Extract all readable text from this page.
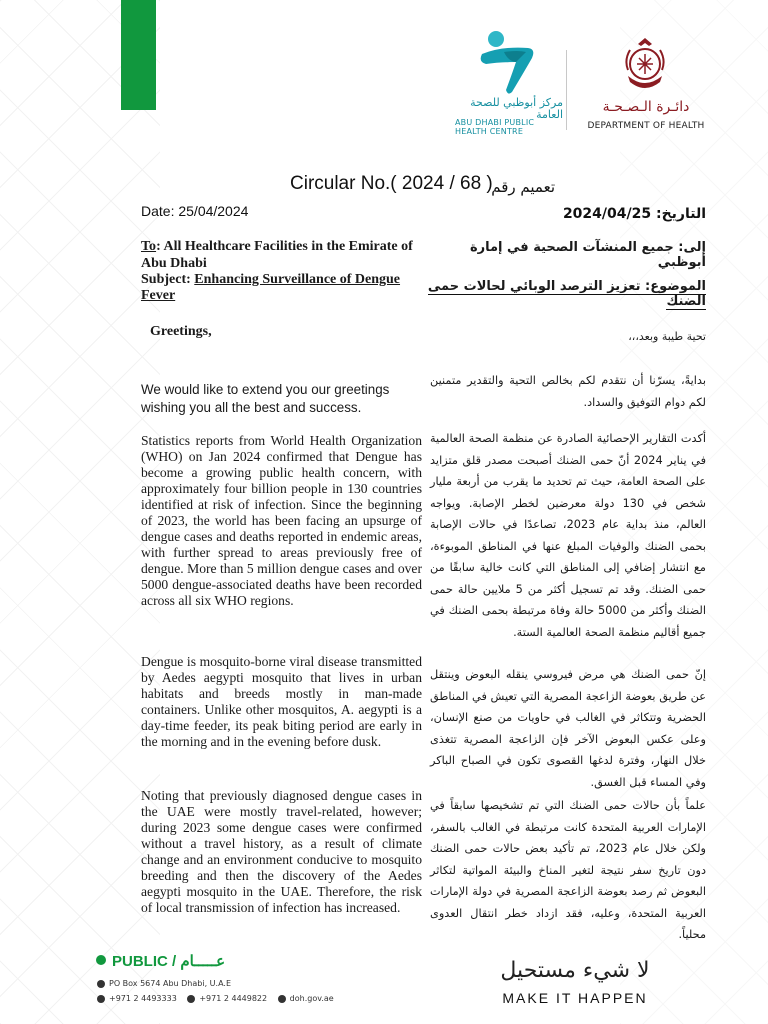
مركز أبوظبي للصحة العامة
ABU DHABI PUBLIC HEALTH CENTRE
دائـرة الـصـحـة
DEPARTMENT OF HEALTH
Circular No.( 2024 / 68 )
تعميم رقم
Date: 25/04/2024	التاريخ: 2024/04/25
To: All Healthcare Facilities in the Emirate of Abu Dhabi
Subject: Enhancing Surveillance of Dengue Fever
إلى: جميع المنشآت الصحية في إمارة أبوظبي
الموضوع: تعزيز الترصد الوبائي لحالات حمى الضنك
Greetings,	تحية طيبة وبعد،،،
We would like to extend you our greetings wishing you all the best and success.
بدايةً، يسرّنا أن نتقدم لكم بخالص التحية والتقدير متمنين لكم دوام التوفيق والسداد.
Statistics reports from World Health Organization (WHO) on Jan 2024 confirmed that Dengue has become a growing public health concern, with approximately four billion people in 130 countries identified at risk of infection. Since the beginning of 2023, the world has been facing an upsurge of dengue cases and deaths reported in endemic areas, with further spread to areas previously free of dengue. More than 5 million dengue cases and over 5000 dengue-associated deaths have been recorded across all six WHO regions.
أكدت التقارير الإحصائية الصادرة عن منظمة الصحة العالمية في يناير 2024 أنّ حمى الضنك أصبحت مصدر قلق متزايد على الصحة العامة، حيث تم تحديد ما يقرب من أربعة مليار شخص في 130 دولة معرضين لخطر الإصابة. ويواجه العالم، منذ بداية عام 2023، تصاعدًا في حالات الإصابة بحمى الضنك والوفيات المبلغ عنها في المناطق الموبوءة، مع انتشار إضافي إلى المناطق التي كانت خالية سابقًا من حمى الضنك. وقد تم تسجيل أكثر من 5 ملايين حالة حمى الضنك وأكثر من 5000 حالة وفاة مرتبطة بحمى الضنك في جميع أقاليم منظمة الصحة العالمية الستة.
Dengue is mosquito-borne viral disease transmitted by Aedes aegypti mosquito that lives in urban habitats and breeds mostly in man-made containers. Unlike other mosquitos, A. aegypti is a day-time feeder, its peak biting period are early in the morning and in the evening before dusk.
إنّ حمى الضنك هي مرض فيروسي ينقله البعوض وينتقل عن طريق بعوضة الزاعجة المصرية التي تعيش في المناطق الحضرية وتتكاثر في الغالب في حاويات من صنع الإنسان، وعلى عكس البعوض الآخر فإن الزاعجة المصرية تتغذى خلال النهار، وفترة لدغها القصوى تكون في الصباح الباكر وفي المساء قبل الغسق.
Noting that previously diagnosed dengue cases in the UAE were mostly travel-related, however; during 2023 some dengue cases were confirmed without a travel history, as a result of climate change and an environment conducive to mosquito breeding and then the discovery of the Aedes aegypti mosquito in the UAE. Therefore, the risk of local transmission of infection has increased.
علماً بأن حالات حمى الضنك التي تم تشخيصها سابقاً في الإمارات العربية المتحدة كانت مرتبطة في الغالب بالسفر، ولكن خلال عام 2023، تم تأكيد بعض حالات حمى الضنك دون تاريخ سفر نتيجة لتغير المناخ والبيئة المواتية لتكاثر البعوض ثم رصد بعوضة الزاعجة المصرية في دولة الإمارات العربية المتحدة، وعليه، فقد ازداد خطر انتقال العدوى محلياً.
PUBLIC / عـــــام
PO Box 5674 Abu Dhabi, U.A.E
+971 2 4493333	+971 2 4449822	doh.gov.ae
لا شيء مستحيل
MAKE IT HAPPEN
